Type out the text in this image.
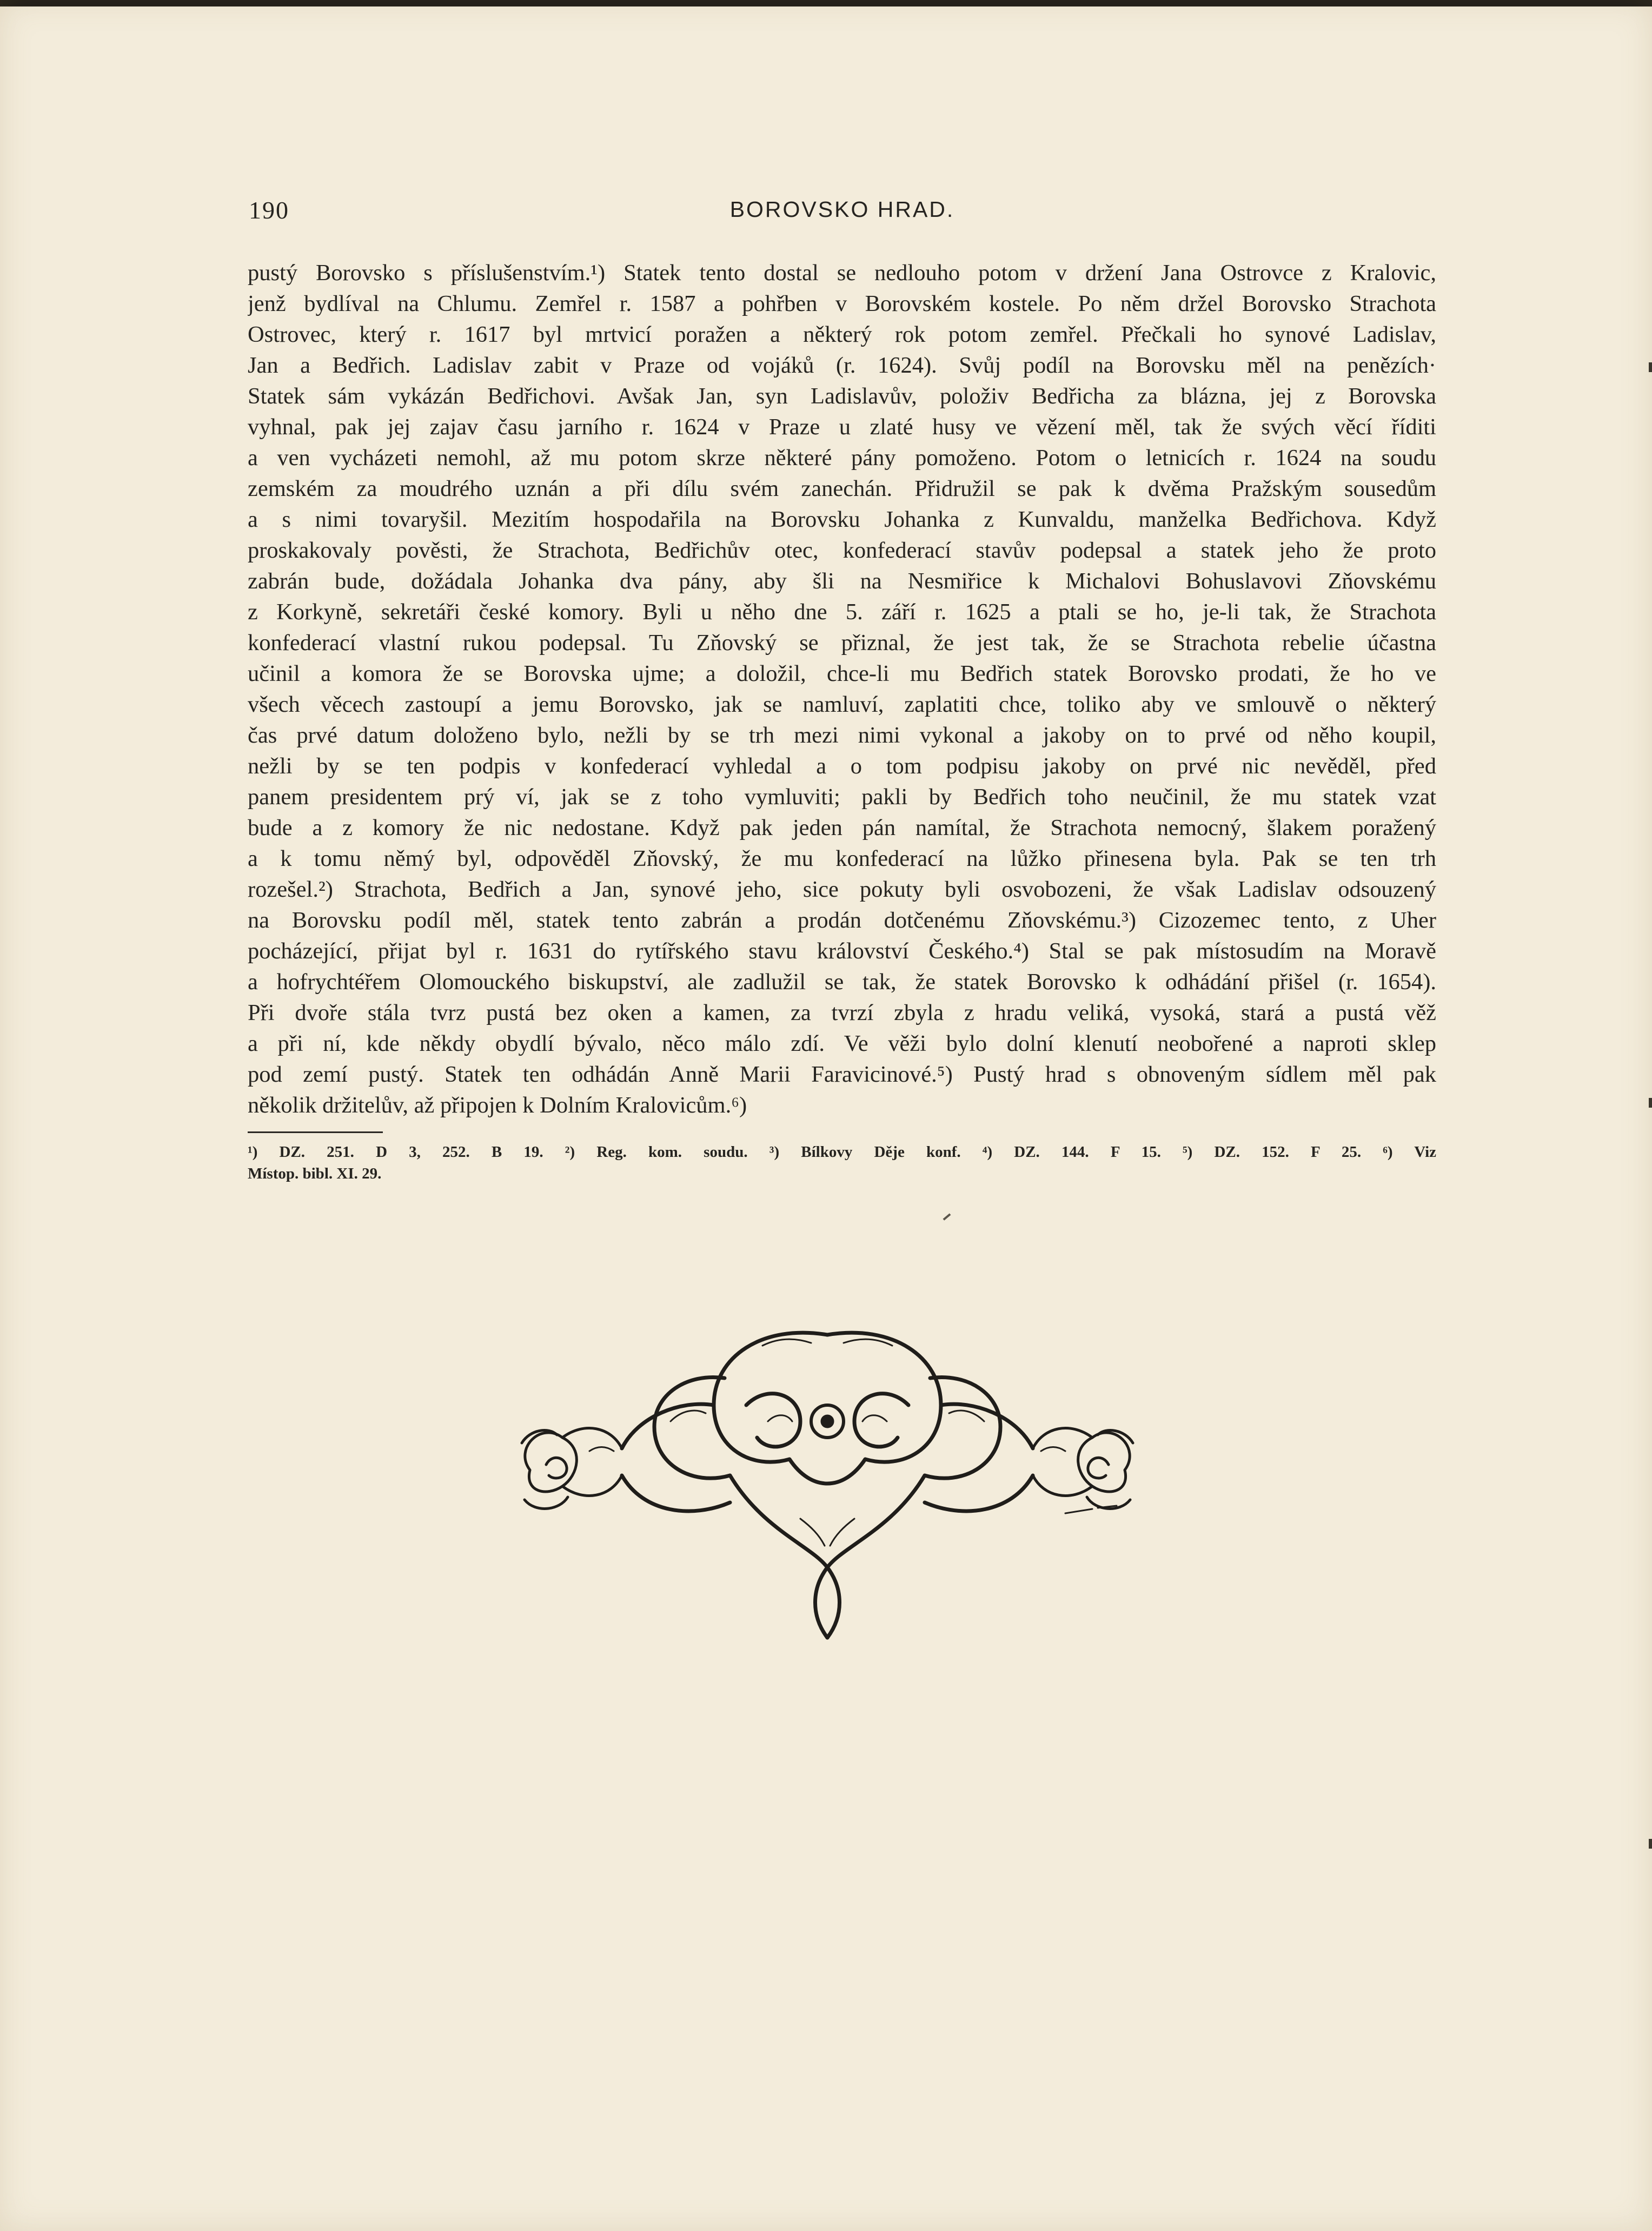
190	BOROVSKO HRAD.
pustý Borovsko s příslušenstvím.¹) Statek tento dostal se nedlouho potom v držení Jana Ostrovce z Kralovic,
jenž bydlíval na Chlumu. Zemřel r. 1587 a pohřben v Borovském kostele. Po něm držel Borovsko Strachota
Ostrovec, který r. 1617 byl mrtvicí poražen a některý rok potom zemřel. Přečkali ho synové Ladislav,
Jan a Bedřich. Ladislav zabit v Praze od vojáků (r. 1624). Svůj podíl na Borovsku měl na penězích·
Statek sám vykázán Bedřichovi. Avšak Jan, syn Ladislavův, položiv Bedřicha za blázna, jej z Borovska
vyhnal, pak jej zajav času jarního r. 1624 v Praze u zlaté husy ve vězení měl, tak že svých věcí říditi
a ven vycházeti nemohl, až mu potom skrze některé pány pomoženo. Potom o letnicích r. 1624 na soudu
zemském za moudrého uznán a při dílu svém zanechán. Přidružil se pak k dvěma Pražským sousedům
a s nimi tovaryšil. Mezitím hospodařila na Borovsku Johanka z Kunvaldu, manželka Bedřichova. Když
proskakovaly pověsti, že Strachota, Bedřichův otec, konfederací stavův podepsal a statek jeho že proto
zabrán bude, dožádala Johanka dva pány, aby šli na Nesmiřice k Michalovi Bohuslavovi Zňovskému
z Korkyně, sekretáři české komory. Byli u něho dne 5. září r. 1625 a ptali se ho, je-li tak, že Strachota
konfederací vlastní rukou podepsal. Tu Zňovský se přiznal, že jest tak, že se Strachota rebelie účastna
učinil a komora že se Borovska ujme; a doložil, chce-li mu Bedřich statek Borovsko prodati, že ho ve
všech věcech zastoupí a jemu Borovsko, jak se namluví, zaplatiti chce, toliko aby ve smlouvě o některý
čas prvé datum doloženo bylo, nežli by se trh mezi nimi vykonal a jakoby on to prvé od něho koupil,
nežli by se ten podpis v konfederací vyhledal a o tom podpisu jakoby on prvé nic nevěděl, před
panem presidentem prý ví, jak se z toho vymluviti; pakli by Bedřich toho neučinil, že mu statek vzat
bude a z komory že nic nedostane. Když pak jeden pán namítal, že Strachota nemocný, šlakem poražený
a k tomu němý byl, odpověděl Zňovský, že mu konfederací na lůžko přinesena byla. Pak se ten trh
rozešel.²) Strachota, Bedřich a Jan, synové jeho, sice pokuty byli osvobozeni, že však Ladislav odsouzený
na Borovsku podíl měl, statek tento zabrán a prodán dotčenému Zňovskému.³) Cizozemec tento, z Uher
pocházející, přijat byl r. 1631 do rytířského stavu království Českého.⁴) Stal se pak místosudím na Moravě
a hofrychtéřem Olomouckého biskupství, ale zadlužil se tak, že statek Borovsko k odhádání přišel (r. 1654).
Při dvoře stála tvrz pustá bez oken a kamen, za tvrzí zbyla z hradu veliká, vysoká, stará a pustá věž
a při ní, kde někdy obydlí bývalo, něco málo zdí. Ve věži bylo dolní klenutí neobořené a naproti sklep
pod zemí pustý. Statek ten odhádán Anně Marii Faravicinové.⁵) Pustý hrad s obnoveným sídlem měl pak
několik držitelův, až připojen k Dolním Kralovicům.⁶)
¹) DZ. 251. D 3, 252. B 19. ²) Reg. kom. soudu. ³) Bílkovy Děje konf. ⁴) DZ. 144. F 15. ⁵) DZ. 152. F 25. ⁶) Viz
Místop. bibl. XI. 29.
